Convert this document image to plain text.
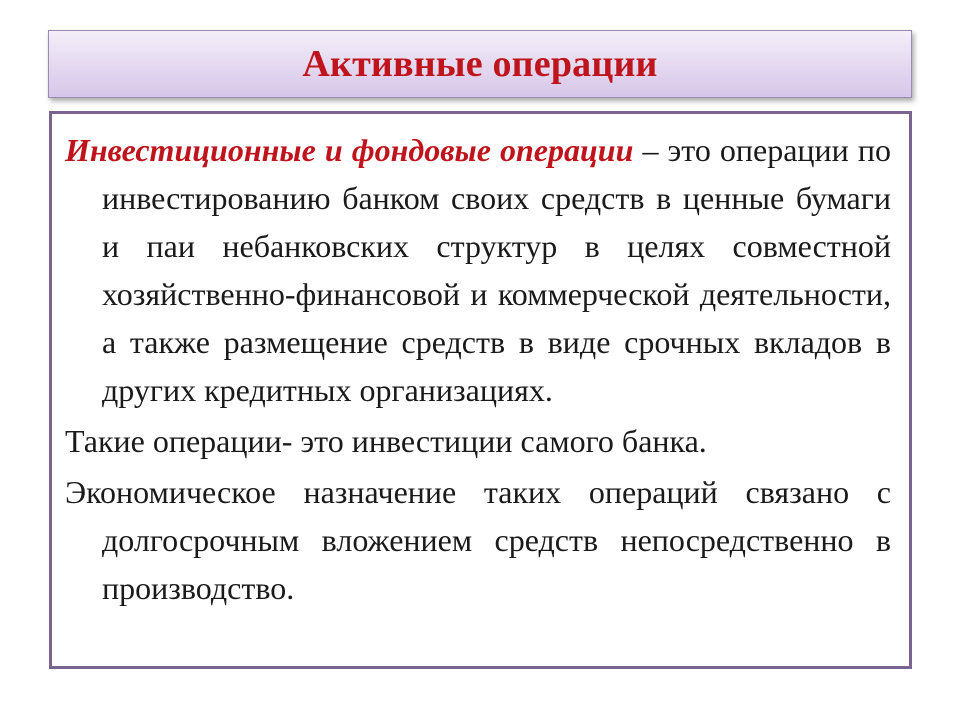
Активные операции

Инвестиционные и фондовые операции – это операции по инвестированию банком своих средств в ценные бумаги и паи небанковских структур в целях совместной хозяйственно-финансовой и коммерческой деятельности, а также размещение средств в виде срочных вкладов в других кредитных организациях.

Такие операции- это инвестиции самого банка.

Экономическое назначение таких операций связано с долгосрочным вложением средств непосредственно в производство.
